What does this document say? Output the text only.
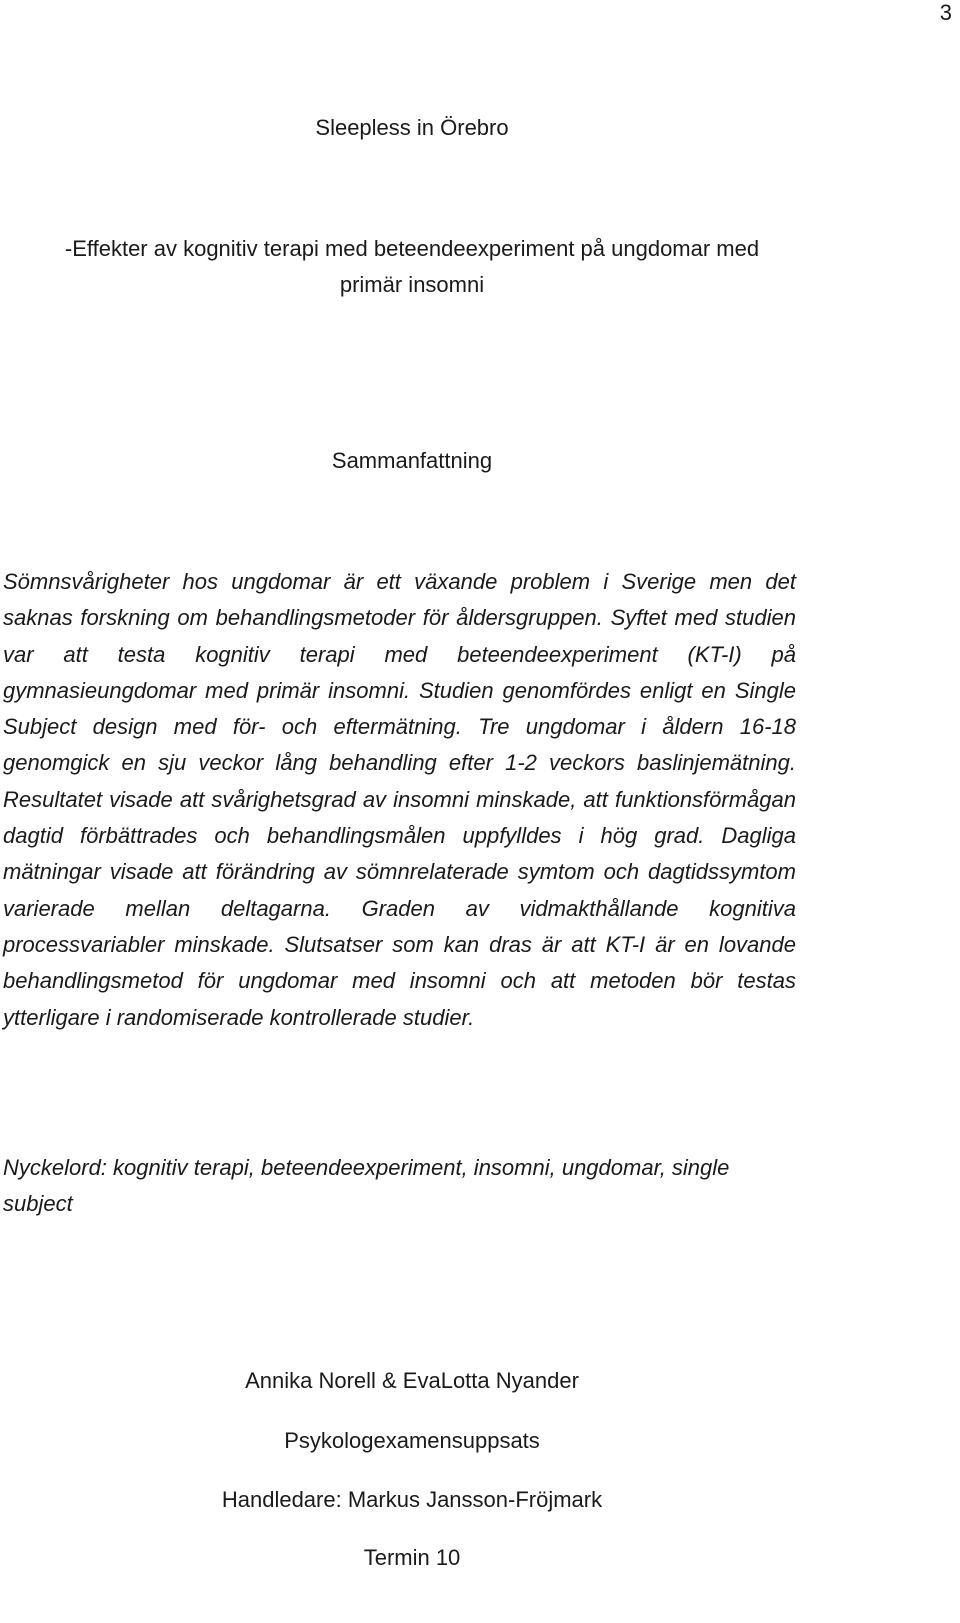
3
Sleepless in Örebro
-Effekter av kognitiv terapi med beteendeexperiment på ungdomar med
primär insomni
Sammanfattning

Sömnsvårigheter hos ungdomar är ett växande problem i Sverige men det saknas forskning om behandlingsmetoder för åldersgruppen. Syftet med studien var att testa kognitiv terapi med beteendeexperiment (KT-I) på gymnasieungdomar med primär insomni. Studien genomfördes enligt en Single Subject design med för- och eftermätning. Tre ungdomar i åldern 16-18 genomgick en sju veckor lång behandling efter 1-2 veckors baslinjemätning. Resultatet visade att svårighetsgrad av insomni minskade, att funktionsförmågan dagtid förbättrades och behandlingsmålen uppfylldes i hög grad. Dagliga mätningar visade att förändring av sömnrelaterade symtom och dagtidssymtom varierade mellan deltagarna. Graden av vidmakthållande kognitiva processvariabler minskade. Slutsatser som kan dras är att KT-I är en lovande behandlingsmetod för ungdomar med insomni och att metoden bör testas ytterligare i randomiserade kontrollerade studier.

Nyckelord: kognitiv terapi, beteendeexperiment, insomni, ungdomar, single subject

Annika Norell & EvaLotta Nyander
Psykologexamensuppsats
Handledare: Markus Jansson-Fröjmark
Termin 10
